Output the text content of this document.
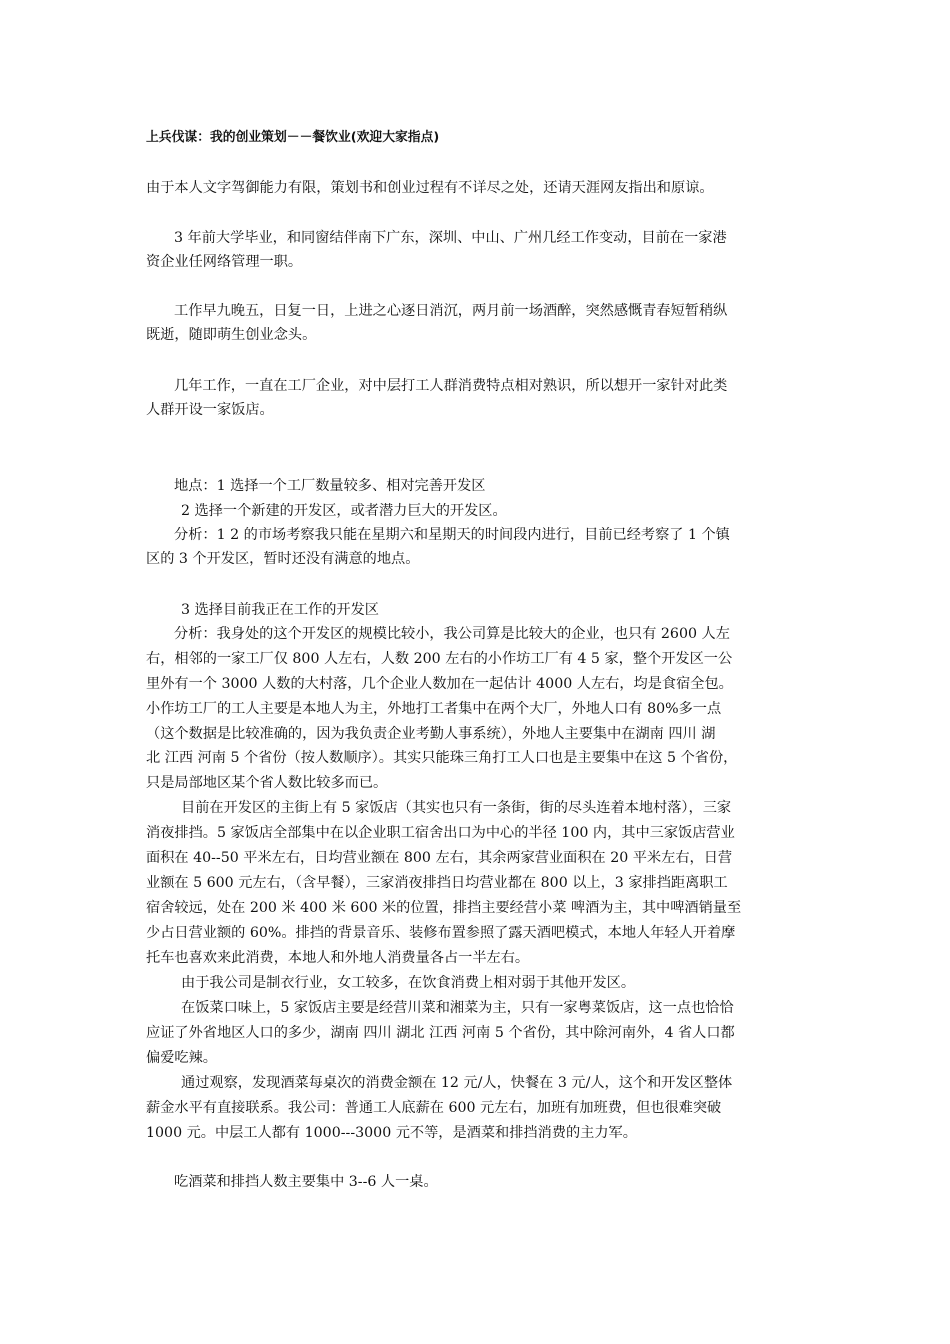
上兵伐谋：我的创业策划－－餐饮业(欢迎大家指点)
由于本人文字驾御能力有限，策划书和创业过程有不详尽之处，还请天涯网友指出和原谅。
3 年前大学毕业，和同窗结伴南下广东，深圳、中山、广州几经工作变动，目前在一家港
资企业任网络管理一职。
工作早九晚五，日复一日，上进之心逐日消沉，两月前一场酒醉，突然感慨青春短暂稍纵
既逝，随即萌生创业念头。
几年工作，一直在工厂企业，对中层打工人群消费特点相对熟识，所以想开一家针对此类
人群开设一家饭店。
地点：1 选择一个工厂数量较多、相对完善开发区
2 选择一个新建的开发区，或者潜力巨大的开发区。
分析：1 2 的市场考察我只能在星期六和星期天的时间段内进行，目前已经考察了 1 个镇
区的 3 个开发区，暂时还没有满意的地点。
3 选择目前我正在工作的开发区
分析：我身处的这个开发区的规模比较小，我公司算是比较大的企业，也只有 2600 人左
右，相邻的一家工厂仅 800 人左右，人数 200 左右的小作坊工厂有 4 5 家，整个开发区一公
里外有一个 3000 人数的大村落，几个企业人数加在一起估计 4000 人左右，均是食宿全包。
小作坊工厂的工人主要是本地人为主，外地打工者集中在两个大厂，外地人口有 80%多一点
（这个数据是比较准确的，因为我负责企业考勤人事系统），外地人主要集中在湖南 四川 湖
北 江西 河南 5 个省份（按人数顺序）。其实只能珠三角打工人口也是主要集中在这 5 个省份，
只是局部地区某个省人数比较多而已。
目前在开发区的主街上有 5 家饭店（其实也只有一条街，街的尽头连着本地村落），三家
消夜排挡。5 家饭店全部集中在以企业职工宿舍出口为中心的半径 100 内，其中三家饭店营业
面积在 40--50 平米左右，日均营业额在 800 左右，其余两家营业面积在 20 平米左右，日营
业额在 5 600 元左右，（含早餐），三家消夜排挡日均营业都在 800 以上，3 家排挡距离职工
宿舍较远，处在 200 米 400 米 600 米的位置，排挡主要经营小菜 啤酒为主，其中啤酒销量至
少占日营业额的 60%。排挡的背景音乐、装修布置参照了露天酒吧模式，本地人年轻人开着摩
托车也喜欢来此消费，本地人和外地人消费量各占一半左右。
由于我公司是制衣行业，女工较多，在饮食消费上相对弱于其他开发区。
在饭菜口味上，5 家饭店主要是经营川菜和湘菜为主，只有一家粤菜饭店，这一点也恰恰
应证了外省地区人口的多少，湖南 四川 湖北 江西 河南 5 个省份，其中除河南外，4 省人口都
偏爱吃辣。
通过观察，发现酒菜每桌次的消费金额在 12 元/人，快餐在 3 元/人，这个和开发区整体
薪金水平有直接联系。我公司：普通工人底薪在 600 元左右，加班有加班费，但也很难突破
1000 元。中层工人都有 1000---3000 元不等，是酒菜和排挡消费的主力军。
吃酒菜和排挡人数主要集中 3--6 人一桌。
